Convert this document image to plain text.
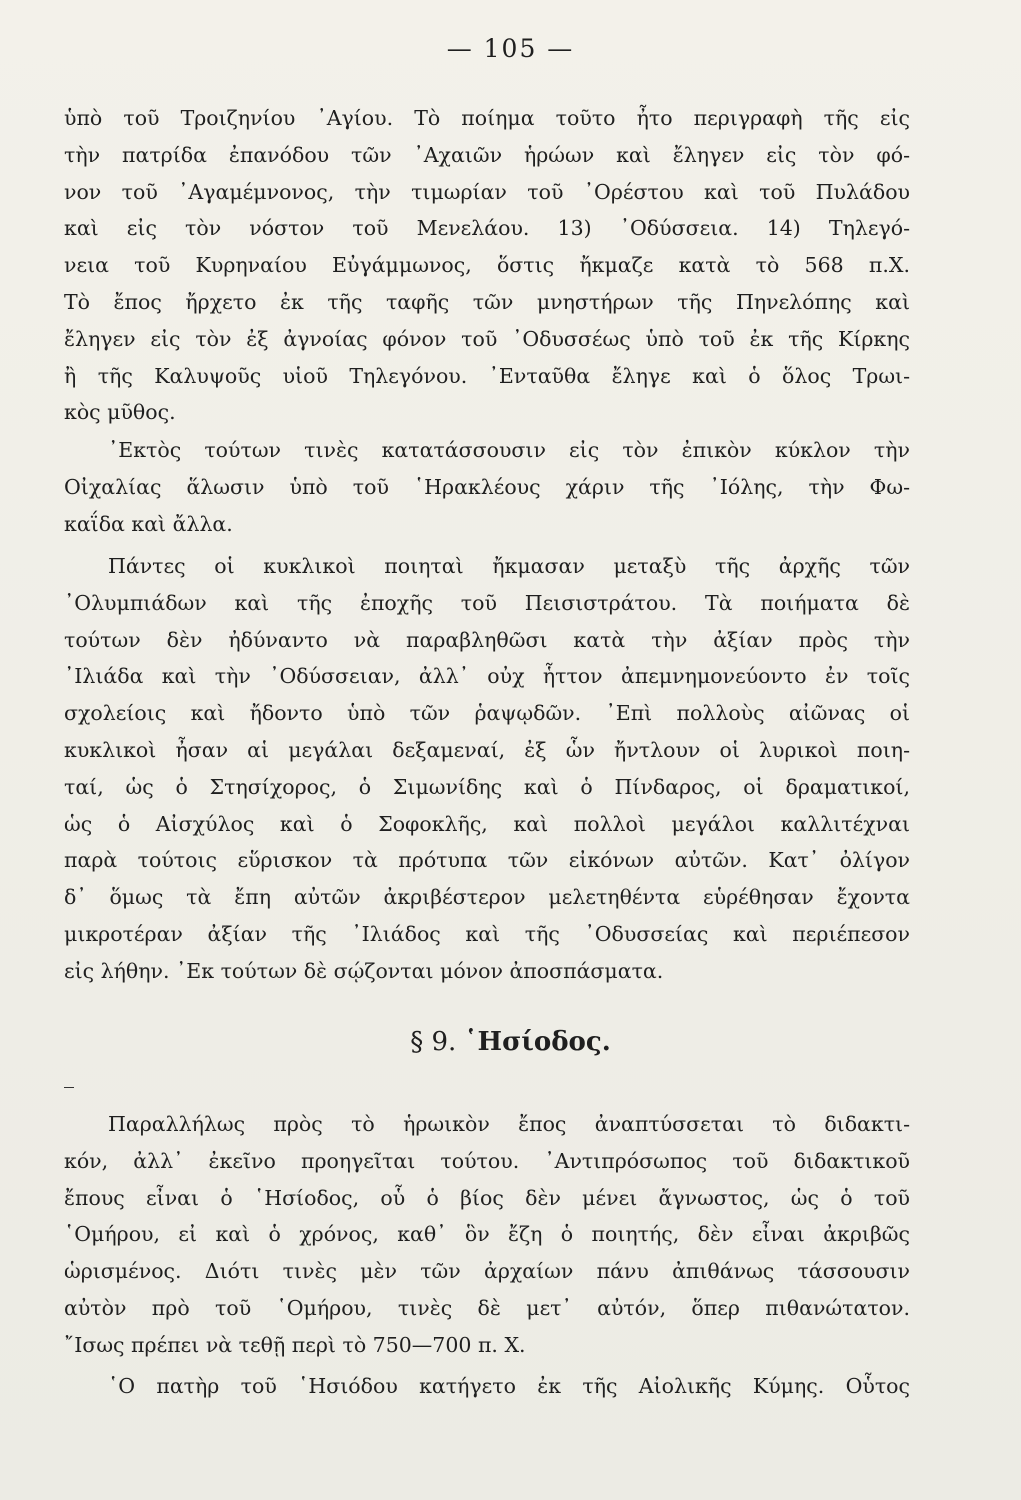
— 105 —

ὑπὸ τοῦ Τροιζηνίου ᾿Αγίου. Τὸ ποίημα τοῦτο ἦτο περιγραφὴ τῆς εἰς
τὴν πατρίδα ἐπανόδου τῶν ᾿Αχαιῶν ἡρώων καὶ ἔληγεν εἰς τὸν φό-
νον τοῦ ᾿Αγαμέμνονος, τὴν τιμωρίαν τοῦ ᾿Ορέστου καὶ τοῦ Πυλάδου
καὶ εἰς τὸν νόστον τοῦ Μενελάου. 13) ᾿Οδύσσεια. 14) Τηλεγό-
νεια τοῦ Κυρηναίου Εὐγάμμωνος, ὅστις ἤκμαζε κατὰ τὸ 568 π.Χ.
Τὸ ἔπος ἤρχετο ἐκ τῆς ταφῆς τῶν μνηστήρων τῆς Πηνελόπης καὶ
ἔληγεν εἰς τὸν ἐξ ἀγνοίας φόνον τοῦ ᾿Οδυσσέως ὑπὸ τοῦ ἐκ τῆς Κίρκης
ἢ τῆς Καλυψοῦς υἱοῦ Τηλεγόνου. ᾿Ενταῦθα ἔληγε καὶ ὁ ὅλος Τρωι-
κὸς μῦθος.

᾿Εκτὸς τούτων τινὲς κατατάσσουσιν εἰς τὸν ἐπικὸν κύκλον τὴν
Οἰχαλίας ἅλωσιν ὑπὸ τοῦ ῾Ηρακλέους χάριν τῆς ᾿Ιόλης, τὴν Φω-
καΐδα καὶ ἄλλα.

Πάντες οἱ κυκλικοὶ ποιηταὶ ἤκμασαν μεταξὺ τῆς ἀρχῆς τῶν
᾿Ολυμπιάδων καὶ τῆς ἐποχῆς τοῦ Πεισιστράτου. Τὰ ποιήματα δὲ
τούτων δὲν ἠδύναντο νὰ παραβληθῶσι κατὰ τὴν ἀξίαν πρὸς τὴν
᾿Ιλιάδα καὶ τὴν ᾿Οδύσσειαν, ἀλλ᾿ οὐχ ἧττον ἀπεμνημονεύοντο ἐν τοῖς
σχολείοις καὶ ἤδοντο ὑπὸ τῶν ῥαψῳδῶν. ᾿Επὶ πολλοὺς αἰῶνας οἱ
κυκλικοὶ ἦσαν αἱ μεγάλαι δεξαμεναί, ἐξ ὧν ἤντλουν οἱ λυρικοὶ ποιη-
ταί, ὡς ὁ Στησίχορος, ὁ Σιμωνίδης καὶ ὁ Πίνδαρος, οἱ δραματικοί,
ὡς ὁ Αἰσχύλος καὶ ὁ Σοφοκλῆς, καὶ πολλοὶ μεγάλοι καλλιτέχναι
παρὰ τούτοις εὕρισκον τὰ πρότυπα τῶν εἰκόνων αὐτῶν. Κατ᾿ ὀλίγον
δ᾿ ὅμως τὰ ἔπη αὐτῶν ἀκριβέστερον μελετηθέντα εὑρέθησαν ἔχοντα
μικροτέραν ἀξίαν τῆς ᾿Ιλιάδος καὶ τῆς ᾿Οδυσσείας καὶ περιέπεσον
εἰς λήθην. ᾿Εκ τούτων δὲ σῴζονται μόνον ἀποσπάσματα.

§ 9. ῾Ησίοδος.

Παραλλήλως πρὸς τὸ ἡρωικὸν ἔπος ἀναπτύσσεται τὸ διδακτι-
κόν, ἀλλ᾿ ἐκεῖνο προηγεῖται τούτου. ᾿Αντιπρόσωπος τοῦ διδακτικοῦ
ἔπους εἶναι ὁ ῾Ησίοδος, οὗ ὁ βίος δὲν μένει ἄγνωστος, ὡς ὁ τοῦ
῾Ομήρου, εἰ καὶ ὁ χρόνος, καθ᾿ ὃν ἔζη ὁ ποιητής, δὲν εἶναι ἀκριβῶς
ὡρισμένος. Διότι τινὲς μὲν τῶν ἀρχαίων πάνυ ἀπιθάνως τάσσουσιν
αὐτὸν πρὸ τοῦ ῾Ομήρου, τινὲς δὲ μετ᾿ αὐτόν, ὅπερ πιθανώτατον.
῎Ισως πρέπει νὰ τεθῇ περὶ τὸ 750—700 π. Χ.

῾Ο πατὴρ τοῦ ῾Ησιόδου κατήγετο ἐκ τῆς Αἰολικῆς Κύμης. Οὗτος
